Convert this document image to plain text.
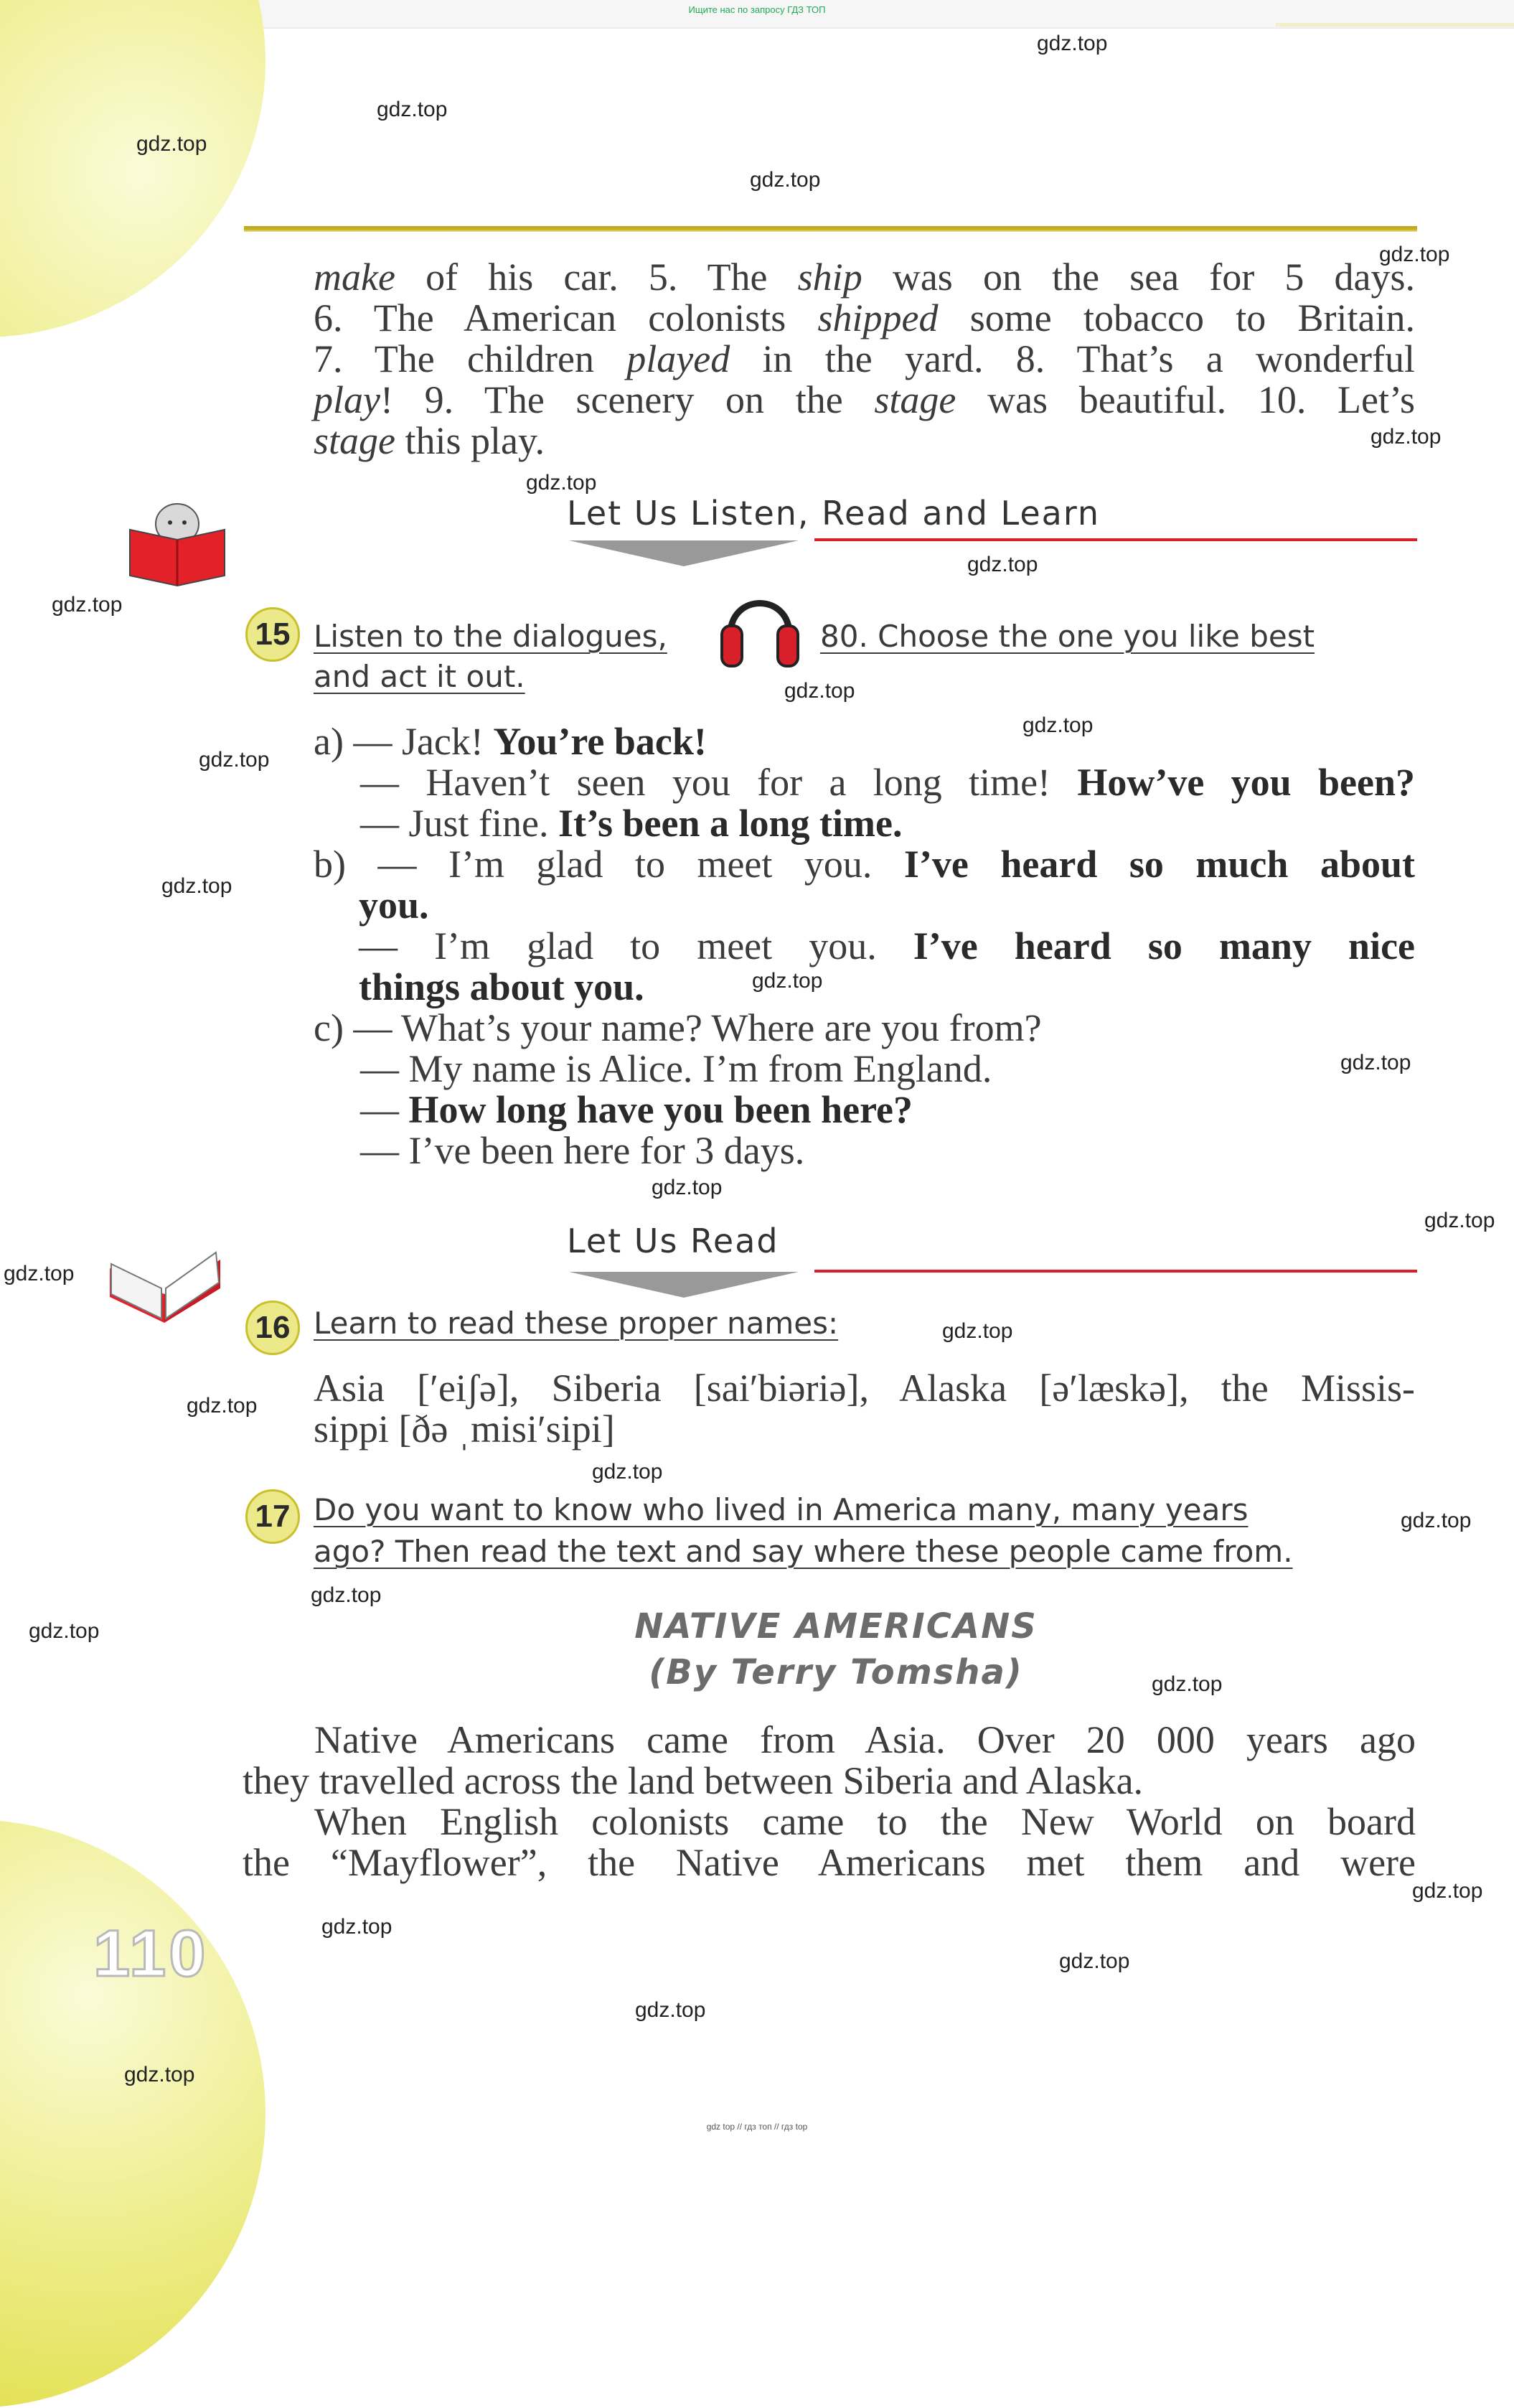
Ищите нас по запросу ГДЗ ТОП
110
make of his car. 5. The ship was on the sea for 5 days.
6. The American colonists shipped some tobacco to Britain.
7. The children played in the yard. 8. That’s a wonderful
play! 9. The scenery on the stage was beautiful. 10. Let’s
stage this play.
Let Us Listen, Read and Learn
15 Listen to the dialogues,	80. Choose the one you like best
and act it out.
a) — Jack! You’re back!
— Haven’t seen you for a long time! How’ve you been?
— Just fine. It’s been a long time.
b) — I’m glad to meet you. I’ve heard so much about
you.
— I’m glad to meet you. I’ve heard so many nice
things about you.
c) — What’s your name? Where are you from?
— My name is Alice. I’m from England.
— How long have you been here?
— I’ve been here for 3 days.
Let Us Read
16 Learn to read these proper names:
Asia [ʹeiʃə], Siberia [saiʹbiəriə], Alaska [əʹlæskə], the Missis-
sippi [ðə ˌmisiʹsipi]
17 Do you want to know who lived in America many, many years
ago? Then read the text and say where these people came from.
NATIVE AMERICANS
(By Terry Tomsha)
Native Americans came from Asia. Over 20 000 years ago
they travelled across the land between Siberia and Alaska.
When English colonists came to the New World on board
the “Mayflower”, the Native Americans met them and were
gdz.top
gdz.top
gdz.top
gdz.top
gdz.top
gdz.top
gdz.top
gdz.top
gdz.top
gdz.top
gdz.top
gdz.top
gdz.top
gdz.top
gdz.top
gdz.top
gdz.top
gdz.top
gdz.top
gdz.top
gdz.top
gdz.top
gdz.top
gdz.top
gdz.top
gdz.top
gdz.top
gdz.top
gdz.top
gdz.top
gdz top // гдз топ // гдз top
